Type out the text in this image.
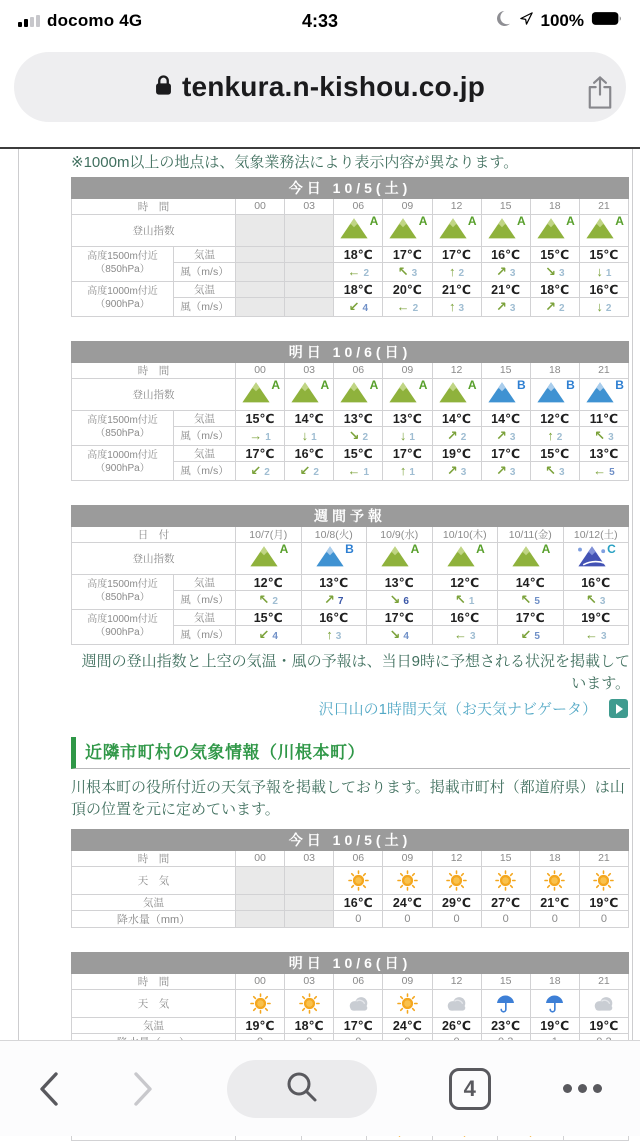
docomo 4G	4:33	100%
tenkura.n-kishou.co.jp

※1000m以上の地点は、気象業務法により表示内容が異なります。

今日 10/5(土)									
時　間		00	03	06	09	12	15	18	21
登山指数				A	A	A	A	A	A

高度1500m付近
（850hPa）	気温			18℃	17℃	17℃	16℃	15℃	15℃
	風（m/s）			← 2	↖ 3	↑ 2	↗ 3	↘ 3	↓ 1
高度1000m付近
（900hPa）	気温			18℃	20℃	21℃	21℃	18℃	16℃
	風（m/s）			↙ 4	← 2	↑ 3	↗ 3	↗ 2	↓ 2
明日 10/6(日)									
時　間		00	03	06	09	12	15	18	21
登山指数		A	A	A	A	A	B	B	B

高度1500m付近
（850hPa）	気温	15℃	14℃	13℃	13℃	14℃	14℃	12℃	11℃
	風（m/s）	→ 1	↓ 1	↘ 2	↓ 1	↗ 2	↗ 3	↑ 2	↖ 3
高度1000m付近
（900hPa）	気温	17℃	16℃	15℃	17℃	19℃	17℃	15℃	13℃
	風（m/s）	↙ 2	↙ 2	← 1	↑ 1	↗ 3	↗ 3	↖ 3	← 5
週間予報							
日　付		10/7(月)	10/8(火)	10/9(水)	10/10(木)	10/11(金)	10/12(土)
登山指数		A	B	A	A	A	C

高度1500m付近
（850hPa）	気温	12℃	13℃	13℃	12℃	14℃	16℃
	風（m/s）	↖ 2	↗ 7	↘ 6	↖ 1	↖ 5	↖ 3
高度1000m付近
（900hPa）	気温	15℃	16℃	17℃	16℃	17℃	19℃
	風（m/s）	↙ 4	↑ 3	↘ 4	← 3	↙ 5	← 3

週間の登山指数と上空の気温・風の予報は、当日9時に予想される状況を掲載しています。

沢口山の1時間天気（お天気ナビゲータ）
近隣市町村の気象情報（川根本町）

川根本町の役所付近の天気予報を掲載しております。掲載市町村（都道府県）は山頂の位置を元に定めています。

今日 10/5(土)								
時　間	00	03	06	09	12	15	18	21
天　気								
気温			16℃	24℃	29℃	27℃	21℃	19℃
降水量（mm）			0	0	0	0	0	0
明日 10/6(日)								
時　間	00	03	06	09	12	15	18	21
天　気								
気温	19℃	18℃	17℃	24℃	26℃	23℃	19℃	19℃

4
